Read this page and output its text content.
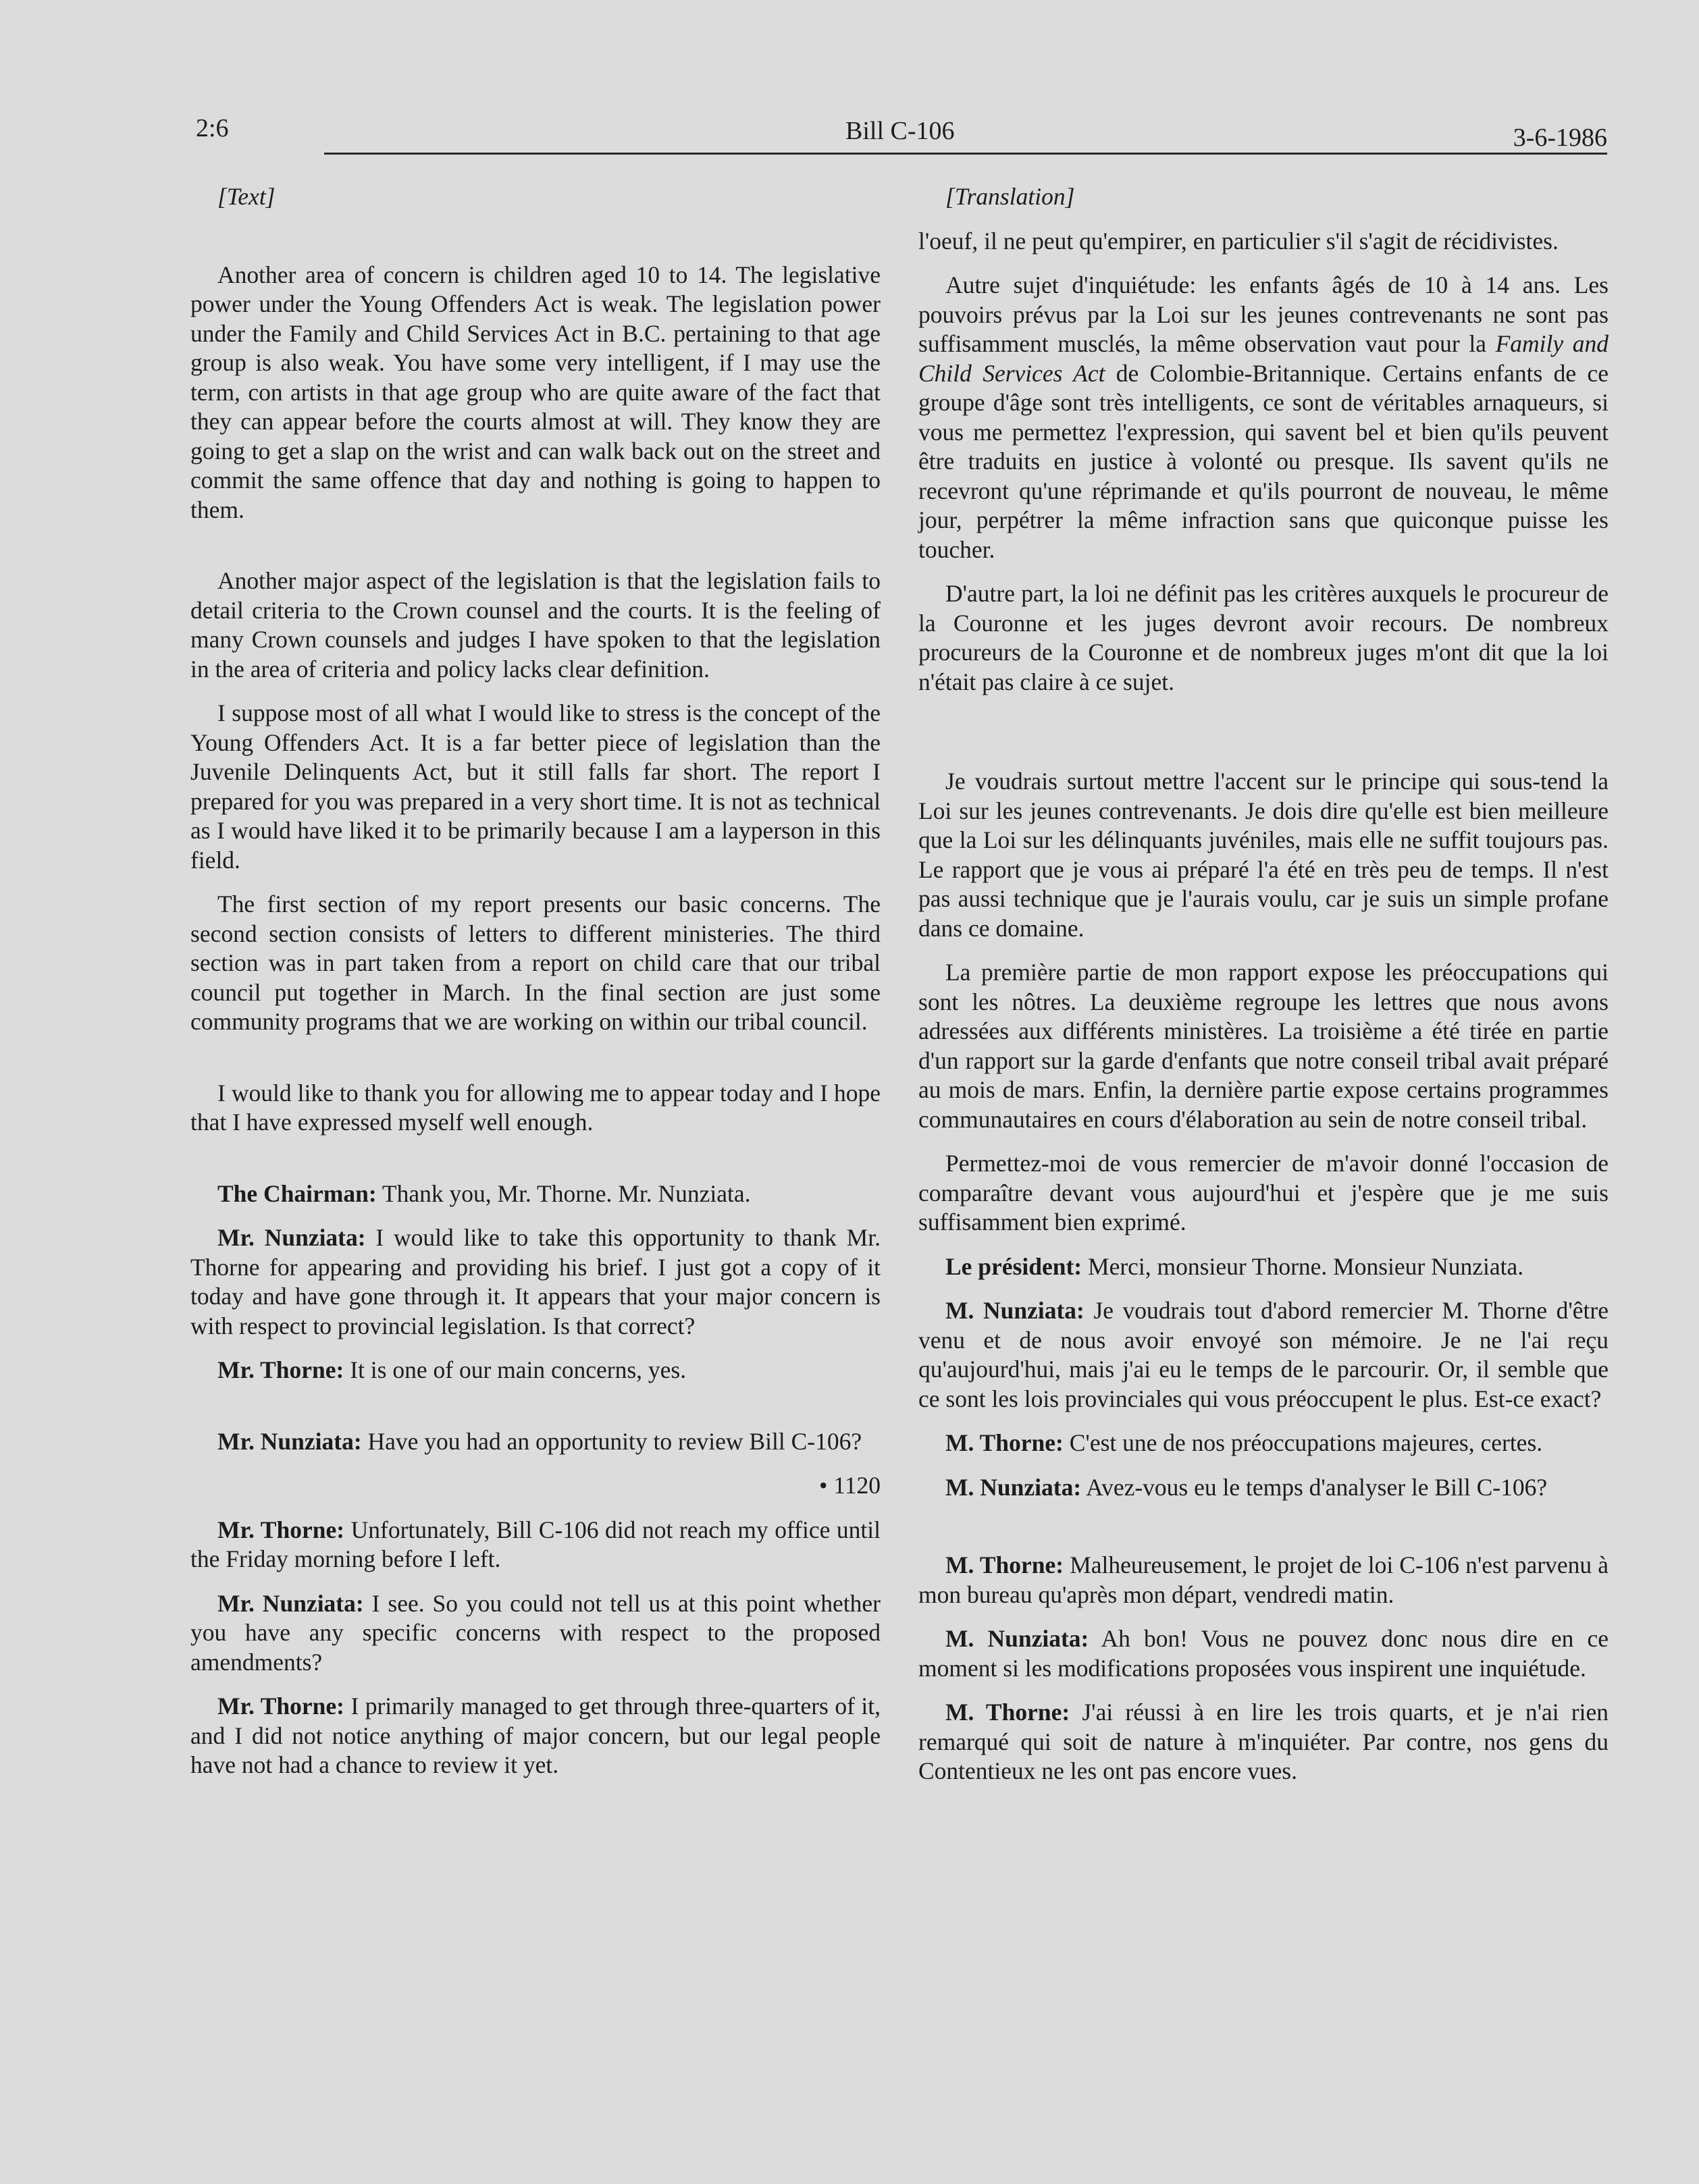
2:6	Bill C-106	3-6-1986

[Text]

Another area of concern is children aged 10 to 14. The legislative power under the Young Offenders Act is weak. The legislation power under the Family and Child Services Act in B.C. pertaining to that age group is also weak. You have some very intelligent, if I may use the term, con artists in that age group who are quite aware of the fact that they can appear before the courts almost at will. They know they are going to get a slap on the wrist and can walk back out on the street and commit the same offence that day and nothing is going to happen to them.

Another major aspect of the legislation is that the legislation fails to detail criteria to the Crown counsel and the courts. It is the feeling of many Crown counsels and judges I have spoken to that the legislation in the area of criteria and policy lacks clear definition.

I suppose most of all what I would like to stress is the concept of the Young Offenders Act. It is a far better piece of legislation than the Juvenile Delinquents Act, but it still falls far short. The report I prepared for you was prepared in a very short time. It is not as technical as I would have liked it to be primarily because I am a layperson in this field.

The first section of my report presents our basic concerns. The second section consists of letters to different ministeries. The third section was in part taken from a report on child care that our tribal council put together in March. In the final section are just some community programs that we are working on within our tribal council.

I would like to thank you for allowing me to appear today and I hope that I have expressed myself well enough.

The Chairman: Thank you, Mr. Thorne. Mr. Nunziata.

Mr. Nunziata: I would like to take this opportunity to thank Mr. Thorne for appearing and providing his brief. I just got a copy of it today and have gone through it. It appears that your major concern is with respect to provincial legislation. Is that correct?

Mr. Thorne: It is one of our main concerns, yes.

Mr. Nunziata: Have you had an opportunity to review Bill C-106?

• 1120

Mr. Thorne: Unfortunately, Bill C-106 did not reach my office until the Friday morning before I left.

Mr. Nunziata: I see. So you could not tell us at this point whether you have any specific concerns with respect to the proposed amendments?

Mr. Thorne: I primarily managed to get through three-quarters of it, and I did not notice anything of major concern, but our legal people have not had a chance to review it yet.

[Translation]

l'oeuf, il ne peut qu'empirer, en particulier s'il s'agit de récidivistes.

Autre sujet d'inquiétude: les enfants âgés de 10 à 14 ans. Les pouvoirs prévus par la Loi sur les jeunes contrevenants ne sont pas suffisamment musclés, la même observation vaut pour la Family and Child Services Act de Colombie-Britannique. Certains enfants de ce groupe d'âge sont très intelligents, ce sont de véritables arnaqueurs, si vous me permettez l'expression, qui savent bel et bien qu'ils peuvent être traduits en justice à volonté ou presque. Ils savent qu'ils ne recevront qu'une réprimande et qu'ils pourront de nouveau, le même jour, perpétrer la même infraction sans que quiconque puisse les toucher.

D'autre part, la loi ne définit pas les critères auxquels le procureur de la Couronne et les juges devront avoir recours. De nombreux procureurs de la Couronne et de nombreux juges m'ont dit que la loi n'était pas claire à ce sujet.

Je voudrais surtout mettre l'accent sur le principe qui sous-tend la Loi sur les jeunes contrevenants. Je dois dire qu'elle est bien meilleure que la Loi sur les délinquants juvéniles, mais elle ne suffit toujours pas. Le rapport que je vous ai préparé l'a été en très peu de temps. Il n'est pas aussi technique que je l'aurais voulu, car je suis un simple profane dans ce domaine.

La première partie de mon rapport expose les préoccupations qui sont les nôtres. La deuxième regroupe les lettres que nous avons adressées aux différents ministères. La troisième a été tirée en partie d'un rapport sur la garde d'enfants que notre conseil tribal avait préparé au mois de mars. Enfin, la dernière partie expose certains programmes communautaires en cours d'élaboration au sein de notre conseil tribal.

Permettez-moi de vous remercier de m'avoir donné l'occasion de comparaître devant vous aujourd'hui et j'espère que je me suis suffisamment bien exprimé.

Le président: Merci, monsieur Thorne. Monsieur Nunziata.

M. Nunziata: Je voudrais tout d'abord remercier M. Thorne d'être venu et de nous avoir envoyé son mémoire. Je ne l'ai reçu qu'aujourd'hui, mais j'ai eu le temps de le parcourir. Or, il semble que ce sont les lois provinciales qui vous préoccupent le plus. Est-ce exact?

M. Thorne: C'est une de nos préoccupations majeures, certes.

M. Nunziata: Avez-vous eu le temps d'analyser le Bill C-106?

M. Thorne: Malheureusement, le projet de loi C-106 n'est parvenu à mon bureau qu'après mon départ, vendredi matin.

M. Nunziata: Ah bon! Vous ne pouvez donc nous dire en ce moment si les modifications proposées vous inspirent une inquiétude.

M. Thorne: J'ai réussi à en lire les trois quarts, et je n'ai rien remarqué qui soit de nature à m'inquiéter. Par contre, nos gens du Contentieux ne les ont pas encore vues.
